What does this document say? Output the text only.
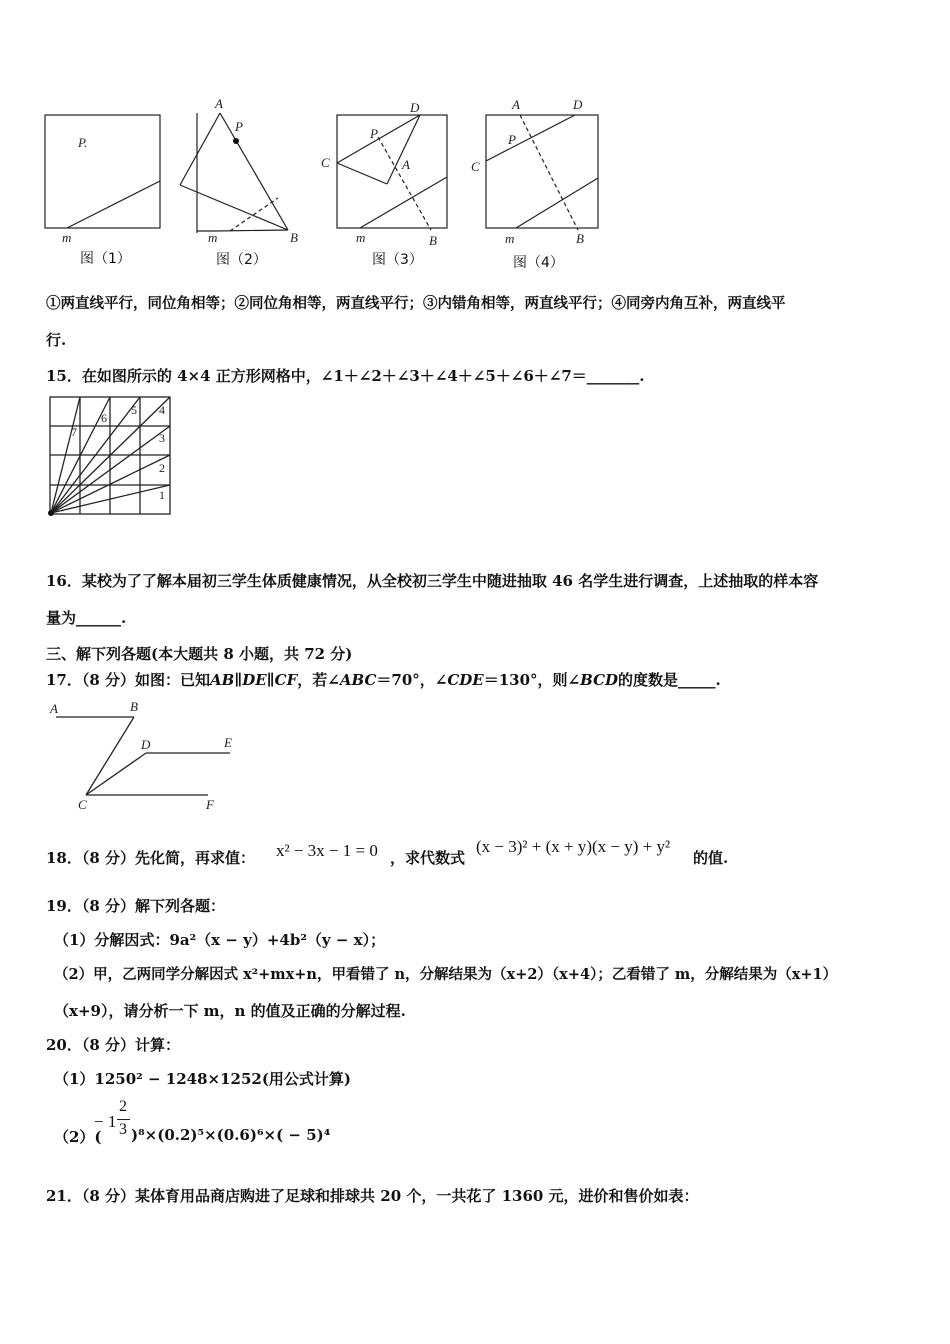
P.
m
A
P
m	B
D
P
C	A
m	B
A	D
P
C
m	B
图（1）	图（2）	图（3）	图（4）
①两直线平行，同位角相等；②同位角相等，两直线平行；③内错角相等，两直线平行；④同旁内角互补，两直线平
行.
15．在如图所示的 4×4 正方形网格中，∠1＋∠2＋∠3＋∠4＋∠5＋∠6＋∠7＝_______.
1
2
3
4
5
6
7
16．某校为了了解本届初三学生体质健康情况，从全校初三学生中随进抽取 46 名学生进行调查，上述抽取的样本容
量为______.
三、解下列各题(本大题共 8 小题，共 72 分)
17．（8 分）如图：已知AB∥DE∥CF，若∠ABC＝70°，∠CDE＝130°，则∠BCD的度数是_____.
A	B
D	E
C	F
18．（8 分）先化简，再求值： x² − 3x − 1 = 0 ，求代数式
(x − 3)² + (x + y)(x − y) + y²
的值.
19．（8 分）解下列各题：
（1）分解因式：9a²（x − y）+4b²（y − x）；
（2）甲，乙两同学分解因式 x²+mx+n，甲看错了 n，分解结果为（x+2）（x+4）；乙看错了 m，分解结果为（x+1）
（x+9），请分析一下 m，n 的值及正确的分解过程.
20．（8 分）计算：
（1）1250² − 1248×1252(用公式计算)
（2）(
− 1
2
3 )⁸×(0.2)⁵×(0.6)⁶×( − 5)⁴
21．（8 分）某体育用品商店购进了足球和排球共 20 个，一共花了 1360 元，进价和售价如表：
